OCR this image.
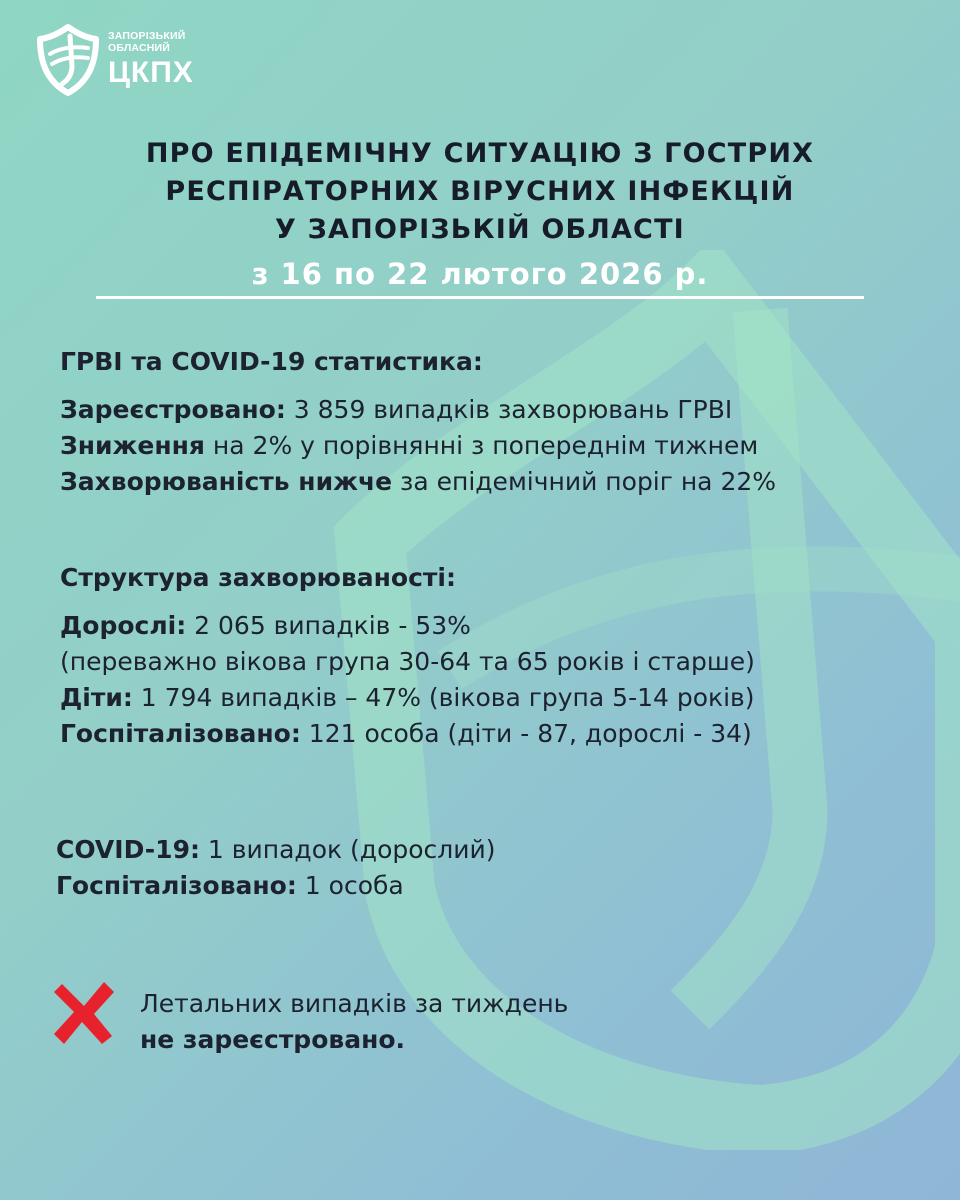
ЗАПОРІЗЬКИЙ
ОБЛАСНИЙ
ЦКПХ
ПРО ЕПІДЕМІЧНУ СИТУАЦІЮ З ГОСТРИХ
РЕСПІРАТОРНИХ ВІРУСНИХ ІНФЕКЦІЙ
У ЗАПОРІЗЬКІЙ ОБЛАСТІ
з 16 по 22 лютого 2026 р.
ГРВІ та COVID-19 статистика:
Зареєстровано: 3 859 випадків захворювань ГРВІ
Зниження на 2% у порівнянні з попереднім тижнем
Захворюваність нижче за епідемічний поріг на 22%
Структура захворюваності:
Дорослі: 2 065 випадків - 53%
(переважно вікова група 30-64 та 65 років і старше)
Діти: 1 794 випадків – 47% (вікова група 5-14 років)
Госпіталізовано: 121 особа (діти - 87, дорослі - 34)
COVID-19: 1 випадок (дорослий)
Госпіталізовано: 1 особа
Летальних випадків за тиждень
не зареєстровано.
